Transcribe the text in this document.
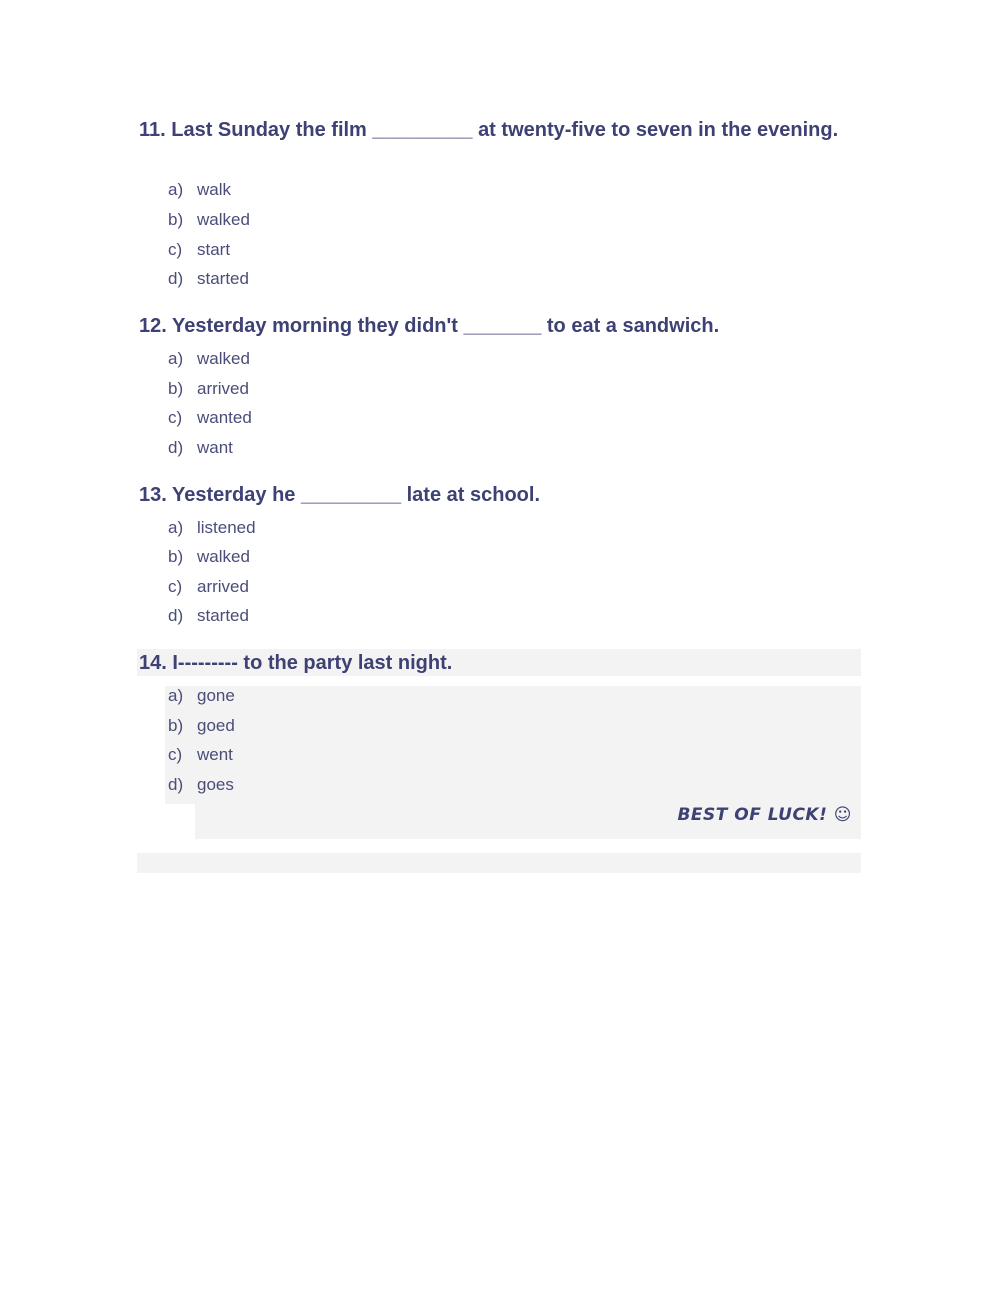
11. Last Sunday the film _________ at twenty-five to seven in the evening.
a) walk
b) walked
c) start
d) started
12. Yesterday morning they didn't _______ to eat a sandwich.
a) walked
b) arrived
c) wanted
d) want
13. Yesterday he _________ late at school.
a) listened
b) walked
c) arrived
d) started
14. I--------- to the party last night.
a) gone
b) goed
c) went
d) goes
BEST OF LUCK! ☺
